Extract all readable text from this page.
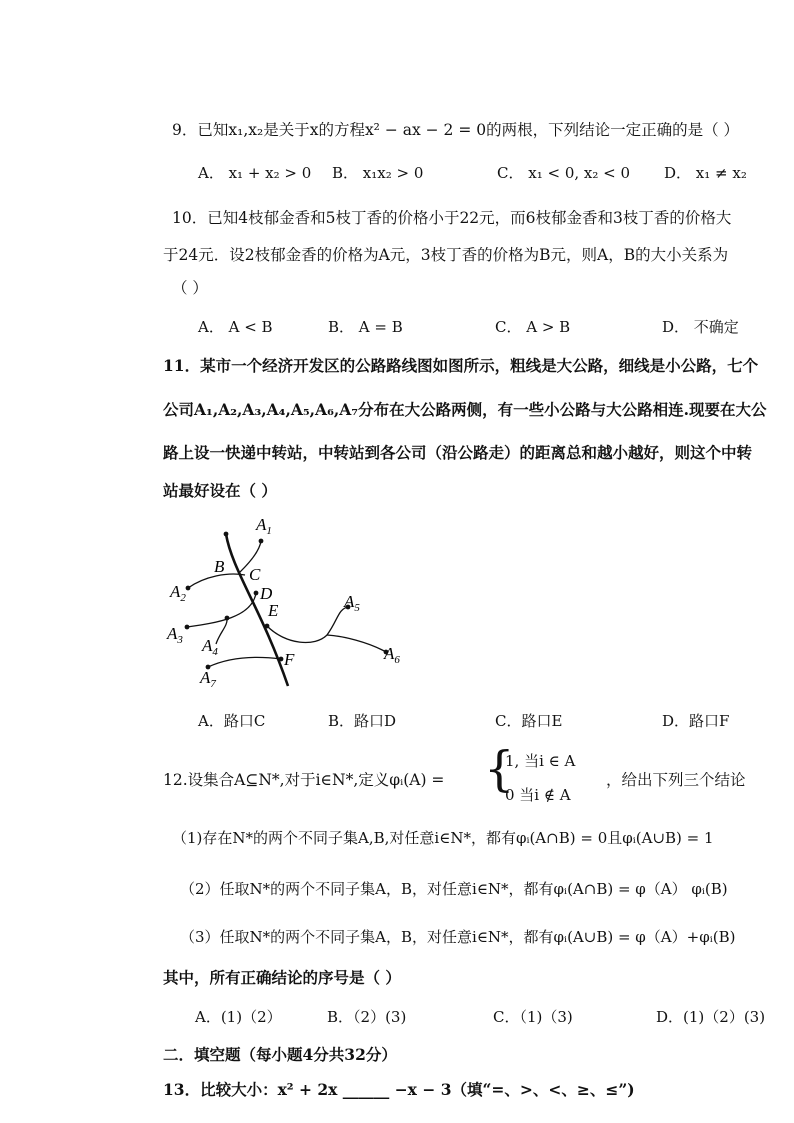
9．已知x₁,x₂是关于x的方程x² − ax − 2 = 0的两根，下列结论一定正确的是（ ）
A． x₁ + x₂ > 0 B． x₁x₂ > 0	C． x₁ < 0, x₂ < 0 D． x₁ ≠ x₂
10．已知4枝郁金香和5枝丁香的价格小于22元，而6枝郁金香和3枝丁香的价格大
于24元．设2枝郁金香的价格为A元，3枝丁香的价格为B元，则A，B的大小关系为
（ ）
A． A < B	B． A = B	C． A > B	D． 不确定
11．某市一个经济开发区的公路路线图如图所示，粗线是大公路，细线是小公路，七个
公司A₁,A₂,A₃,A₄,A₅,A₆,A₇分布在大公路两侧，有一些小公路与大公路相连.现要在大公
路上设一快递中转站，中转站到各公司（沿公路走）的距离总和越小越好，则这个中转
站最好设在（ ）
$A_1$
B C
$A_2$	D
E	$A_5$
$A_3$ $A_4$	$A_6$
F
$A_7$
A．路口C	B．路口D	C．路口E	D．路口F
12.设集合A⊆N*,对于i∈N*,定义φᵢ(A) = {
1, 当i ∈ A
0 当i ∉ A
，给出下列三个结论
（1)存在N*的两个不同子集A,B,对任意i∈N*，都有φᵢ(A∩B) = 0且φᵢ(A∪B) = 1
（2）任取N*的两个不同子集A，B，对任意i∈N*，都有φᵢ(A∩B) = φ（A） φᵢ(B)
（3）任取N*的两个不同子集A，B，对任意i∈N*，都有φᵢ(A∪B) = φ（A）+φᵢ(B)
其中，所有正确结论的序号是（ ）
A．(1)（2）	B．（2）(3)	C．（1)（3)	D．(1)（2）(3)
二．填空题（每小题4分共32分）
13．比较大小：x² + 2x ______ −x − 3（填“=、>、<、≥、≤”)
